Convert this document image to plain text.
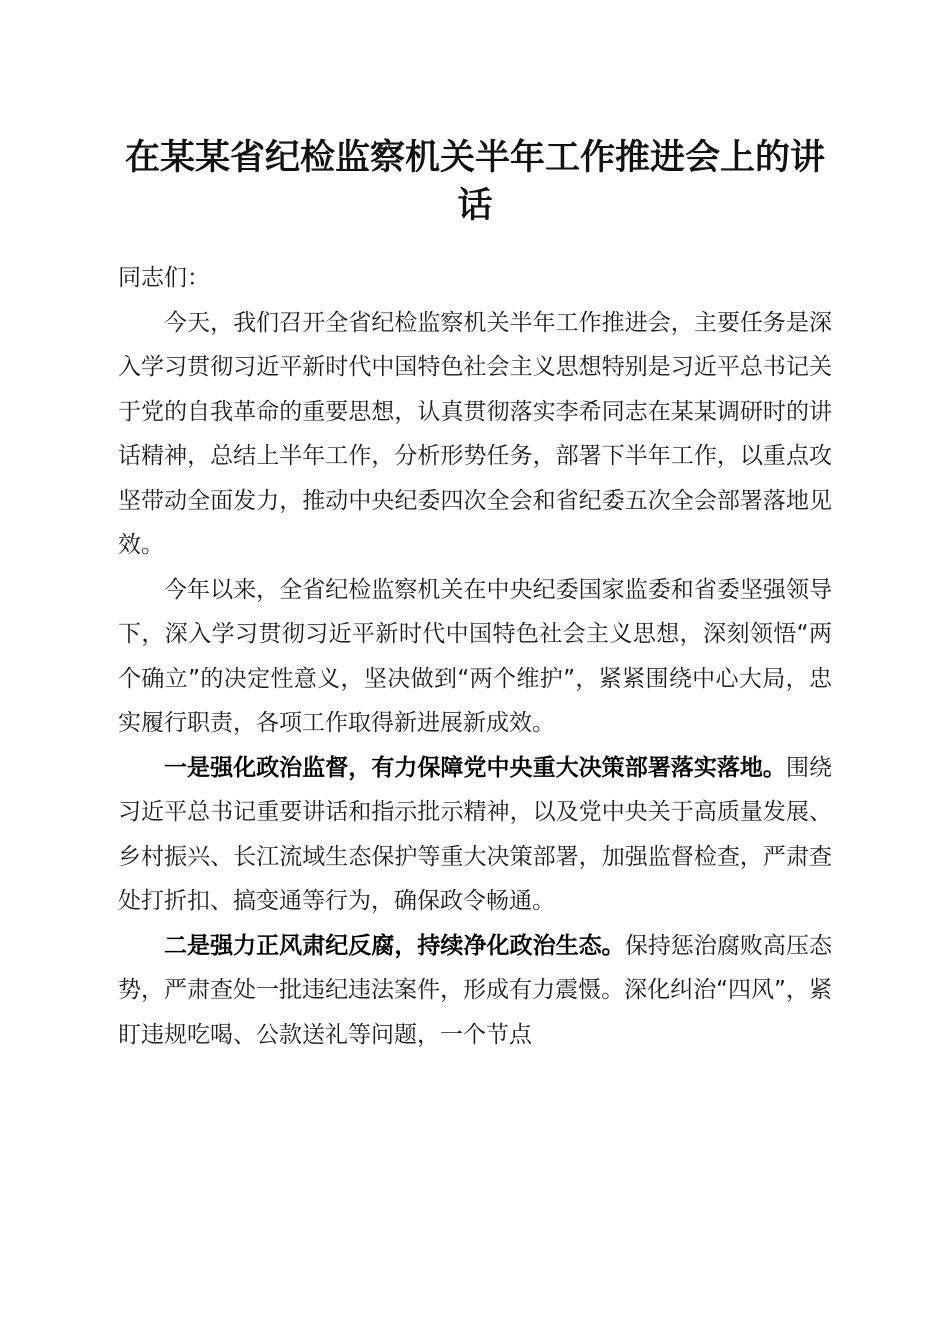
在某某省纪检监察机关半年工作推进会上的讲话

同志们：

今天，我们召开全省纪检监察机关半年工作推进会，主要任务是深入学习贯彻习近平新时代中国特色社会主义思想特别是习近平总书记关于党的自我革命的重要思想，认真贯彻落实李希同志在某某调研时的讲话精神，总结上半年工作，分析形势任务，部署下半年工作，以重点攻坚带动全面发力，推动中央纪委四次全会和省纪委五次全会部署落地见效。

今年以来，全省纪检监察机关在中央纪委国家监委和省委坚强领导下，深入学习贯彻习近平新时代中国特色社会主义思想，深刻领悟“两个确立”的决定性意义，坚决做到“两个维护”，紧紧围绕中心大局，忠实履行职责，各项工作取得新进展新成效。

一是强化政治监督，有力保障党中央重大决策部署落实落地。围绕习近平总书记重要讲话和指示批示精神，以及党中央关于高质量发展、乡村振兴、长江流域生态保护等重大决策部署，加强监督检查，严肃查处打折扣、搞变通等行为，确保政令畅通。

二是强力正风肃纪反腐，持续净化政治生态。保持惩治腐败高压态势，严肃查处一批违纪违法案件，形成有力震慑。深化纠治“四风”，紧盯违规吃喝、公款送礼等问题，一个节点
